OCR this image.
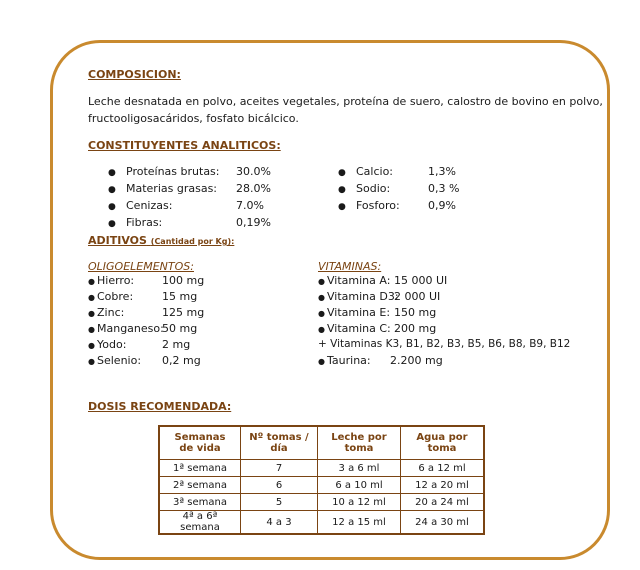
COMPOSICION:
Leche desnatada en polvo, aceites vegetales, proteína de suero, calostro de bovino en polvo,
fructooligosacáridos, fosfato bicálcico.
CONSTITUYENTES ANALITICOS:
●
Proteínas brutas: 30.0%
●
Materias grasas: 28.0%
●
Cenizas:	7.0%
●
Fibras:	0,19%
●
Calcio:	1,3%
●
Sodio:	0,3 %
●
Fosforo:	0,9%
ADITIVOS (Cantidad por Kg):
OLIGOELEMENTOS:
●
Hierro:	100 mg
●
Cobre:	15 mg
●
Zinc:	125 mg
●
Manganeso:
50 mg
●
Yodo:	2 mg
●
Selenio: 0,2 mg
VITAMINAS:
●
Vitamina A: 15 000 UI
●
Vitamina D3:
2 000 UI
●
Vitamina E: 150 mg
●
Vitamina C: 200 mg
+ Vitaminas K3, B1, B2, B3, B5, B6, B8, B9, B12
●
Taurina: 2.200 mg
DOSIS RECOMENDADA:
Semanas de vida	Nº tomas / día	Leche por toma	Agua por toma
1ª semana	7	3 a 6 ml	6 a 12 ml
2ª semana	6	6 a 10 ml	12 a 20 ml
3ª semana	5	10 a 12 ml	20 a 24 ml
4ª a 6ª semana	4 a 3	12 a 15 ml	24 a 30 ml
